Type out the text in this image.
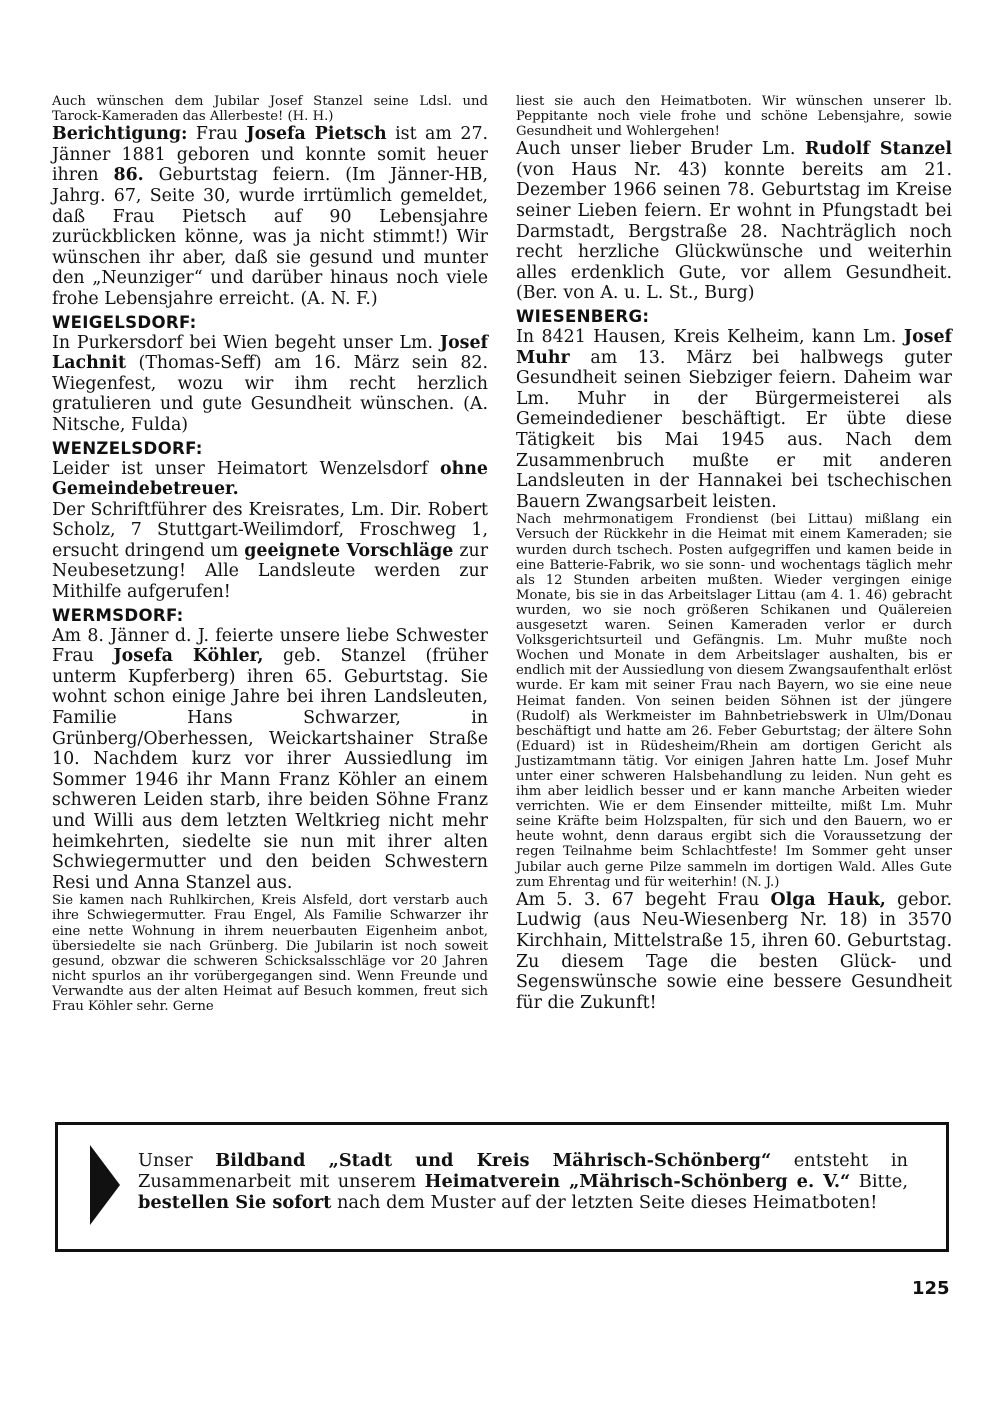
Auch wünschen dem Jubilar Josef Stanzel seine Ldsl. und Tarock-Kameraden das Allerbeste! (H. H.)

Berichtigung: Frau Josefa Pietsch ist am 27. Jänner 1881 geboren und konnte somit heuer ihren 86. Geburtstag feiern. (Im Jänner-HB, Jahrg. 67, Seite 30, wurde irrtümlich gemeldet, daß Frau Pietsch auf 90 Lebensjahre zurückblicken könne, was ja nicht stimmt!) Wir wünschen ihr aber, daß sie gesund und munter den „Neunziger“ und darüber hinaus noch viele frohe Lebensjahre erreicht. (A. N. F.)

WEIGELSDORF:

In Purkersdorf bei Wien begeht unser Lm. Josef Lachnit (Thomas-Seff) am 16. März sein 82. Wiegenfest, wozu wir ihm recht herzlich gratulieren und gute Gesundheit wünschen. (A. Nitsche, Fulda)

WENZELSDORF:

Leider ist unser Heimatort Wenzelsdorf ohne Gemeindebetreuer.

Der Schriftführer des Kreisrates, Lm. Dir. Robert Scholz, 7 Stuttgart-Weilimdorf, Froschweg 1, ersucht dringend um geeignete Vorschläge zur Neubesetzung! Alle Landsleute werden zur Mithilfe aufgerufen!

WERMSDORF:

Am 8. Jänner d. J. feierte unsere liebe Schwester Frau Josefa Köhler, geb. Stanzel (früher unterm Kupferberg) ihren 65. Geburtstag. Sie wohnt schon einige Jahre bei ihren Landsleuten, Familie Hans Schwarzer, in Grünberg/Oberhessen, Weickartshainer Straße 10. Nachdem kurz vor ihrer Aussiedlung im Sommer 1946 ihr Mann Franz Köhler an einem schweren Leiden starb, ihre beiden Söhne Franz und Willi aus dem letzten Weltkrieg nicht mehr heimkehrten, siedelte sie nun mit ihrer alten Schwiegermutter und den beiden Schwestern Resi und Anna Stanzel aus.

Sie kamen nach Ruhlkirchen, Kreis Alsfeld, dort verstarb auch ihre Schwiegermutter. Frau Engel, Als Familie Schwarzer ihr eine nette Wohnung in ihrem neuerbauten Eigenheim anbot, übersiedelte sie nach Grünberg. Die Jubilarin ist noch soweit gesund, obzwar die schweren Schicksalsschläge vor 20 Jahren nicht spurlos an ihr vorübergegangen sind. Wenn Freunde und Verwandte aus der alten Heimat auf Besuch kommen, freut sich Frau Köhler sehr. Gerne

liest sie auch den Heimatboten. Wir wünschen unserer lb. Peppitante noch viele frohe und schöne Lebensjahre, sowie Gesundheit und Wohlergehen!

Auch unser lieber Bruder Lm. Rudolf Stanzel (von Haus Nr. 43) konnte bereits am 21. Dezember 1966 seinen 78. Geburtstag im Kreise seiner Lieben feiern. Er wohnt in Pfungstadt bei Darmstadt, Bergstraße 28. Nachträglich noch recht herzliche Glückwünsche und weiterhin alles erdenklich Gute, vor allem Gesundheit. (Ber. von A. u. L. St., Burg)

WIESENBERG:

In 8421 Hausen, Kreis Kelheim, kann Lm. Josef Muhr am 13. März bei halbwegs guter Gesundheit seinen Siebziger feiern. Daheim war Lm. Muhr in der Bürgermeisterei als Gemeindediener beschäftigt. Er übte diese Tätigkeit bis Mai 1945 aus. Nach dem Zusammenbruch mußte er mit anderen Landsleuten in der Hannakei bei tschechischen Bauern Zwangsarbeit leisten.

Nach mehrmonatigem Frondienst (bei Littau) mißlang ein Versuch der Rückkehr in die Heimat mit einem Kameraden; sie wurden durch tschech. Posten aufgegriffen und kamen beide in eine Batterie-Fabrik, wo sie sonn- und wochentags täglich mehr als 12 Stunden arbeiten mußten. Wieder vergingen einige Monate, bis sie in das Arbeitslager Littau (am 4. 1. 46) gebracht wurden, wo sie noch größeren Schikanen und Quälereien ausgesetzt waren. Seinen Kameraden verlor er durch Volksgerichtsurteil und Gefängnis. Lm. Muhr mußte noch Wochen und Monate in dem Arbeitslager aushalten, bis er endlich mit der Aussiedlung von diesem Zwangsaufenthalt erlöst wurde. Er kam mit seiner Frau nach Bayern, wo sie eine neue Heimat fanden. Von seinen beiden Söhnen ist der jüngere (Rudolf) als Werkmeister im Bahnbetriebswerk in Ulm/Donau beschäftigt und hatte am 26. Feber Geburtstag; der ältere Sohn (Eduard) ist in Rüdesheim/Rhein am dortigen Gericht als Justizamtmann tätig. Vor einigen Jahren hatte Lm. Josef Muhr unter einer schweren Halsbehandlung zu leiden. Nun geht es ihm aber leidlich besser und er kann manche Arbeiten wieder verrichten. Wie er dem Einsender mitteilte, mißt Lm. Muhr seine Kräfte beim Holzspalten, für sich und den Bauern, wo er heute wohnt, denn daraus ergibt sich die Voraussetzung der regen Teilnahme beim Schlachtfeste! Im Sommer geht unser Jubilar auch gerne Pilze sammeln im dortigen Wald. Alles Gute zum Ehrentag und für weiterhin! (N. J.)

Am 5. 3. 67 begeht Frau Olga Hauk, gebor. Ludwig (aus Neu-Wiesenberg Nr. 18) in 3570 Kirchhain, Mittelstraße 15, ihren 60. Geburtstag. Zu diesem Tage die besten Glück- und Segenswünsche sowie eine bessere Gesundheit für die Zukunft!

Unser Bildband „Stadt und Kreis Mährisch-Schönberg“ entsteht in Zusammenarbeit mit unserem Heimatverein „Mährisch-Schönberg e. V.“ Bitte, bestellen Sie sofort nach dem Muster auf der letzten Seite dieses Heimatboten!
125
